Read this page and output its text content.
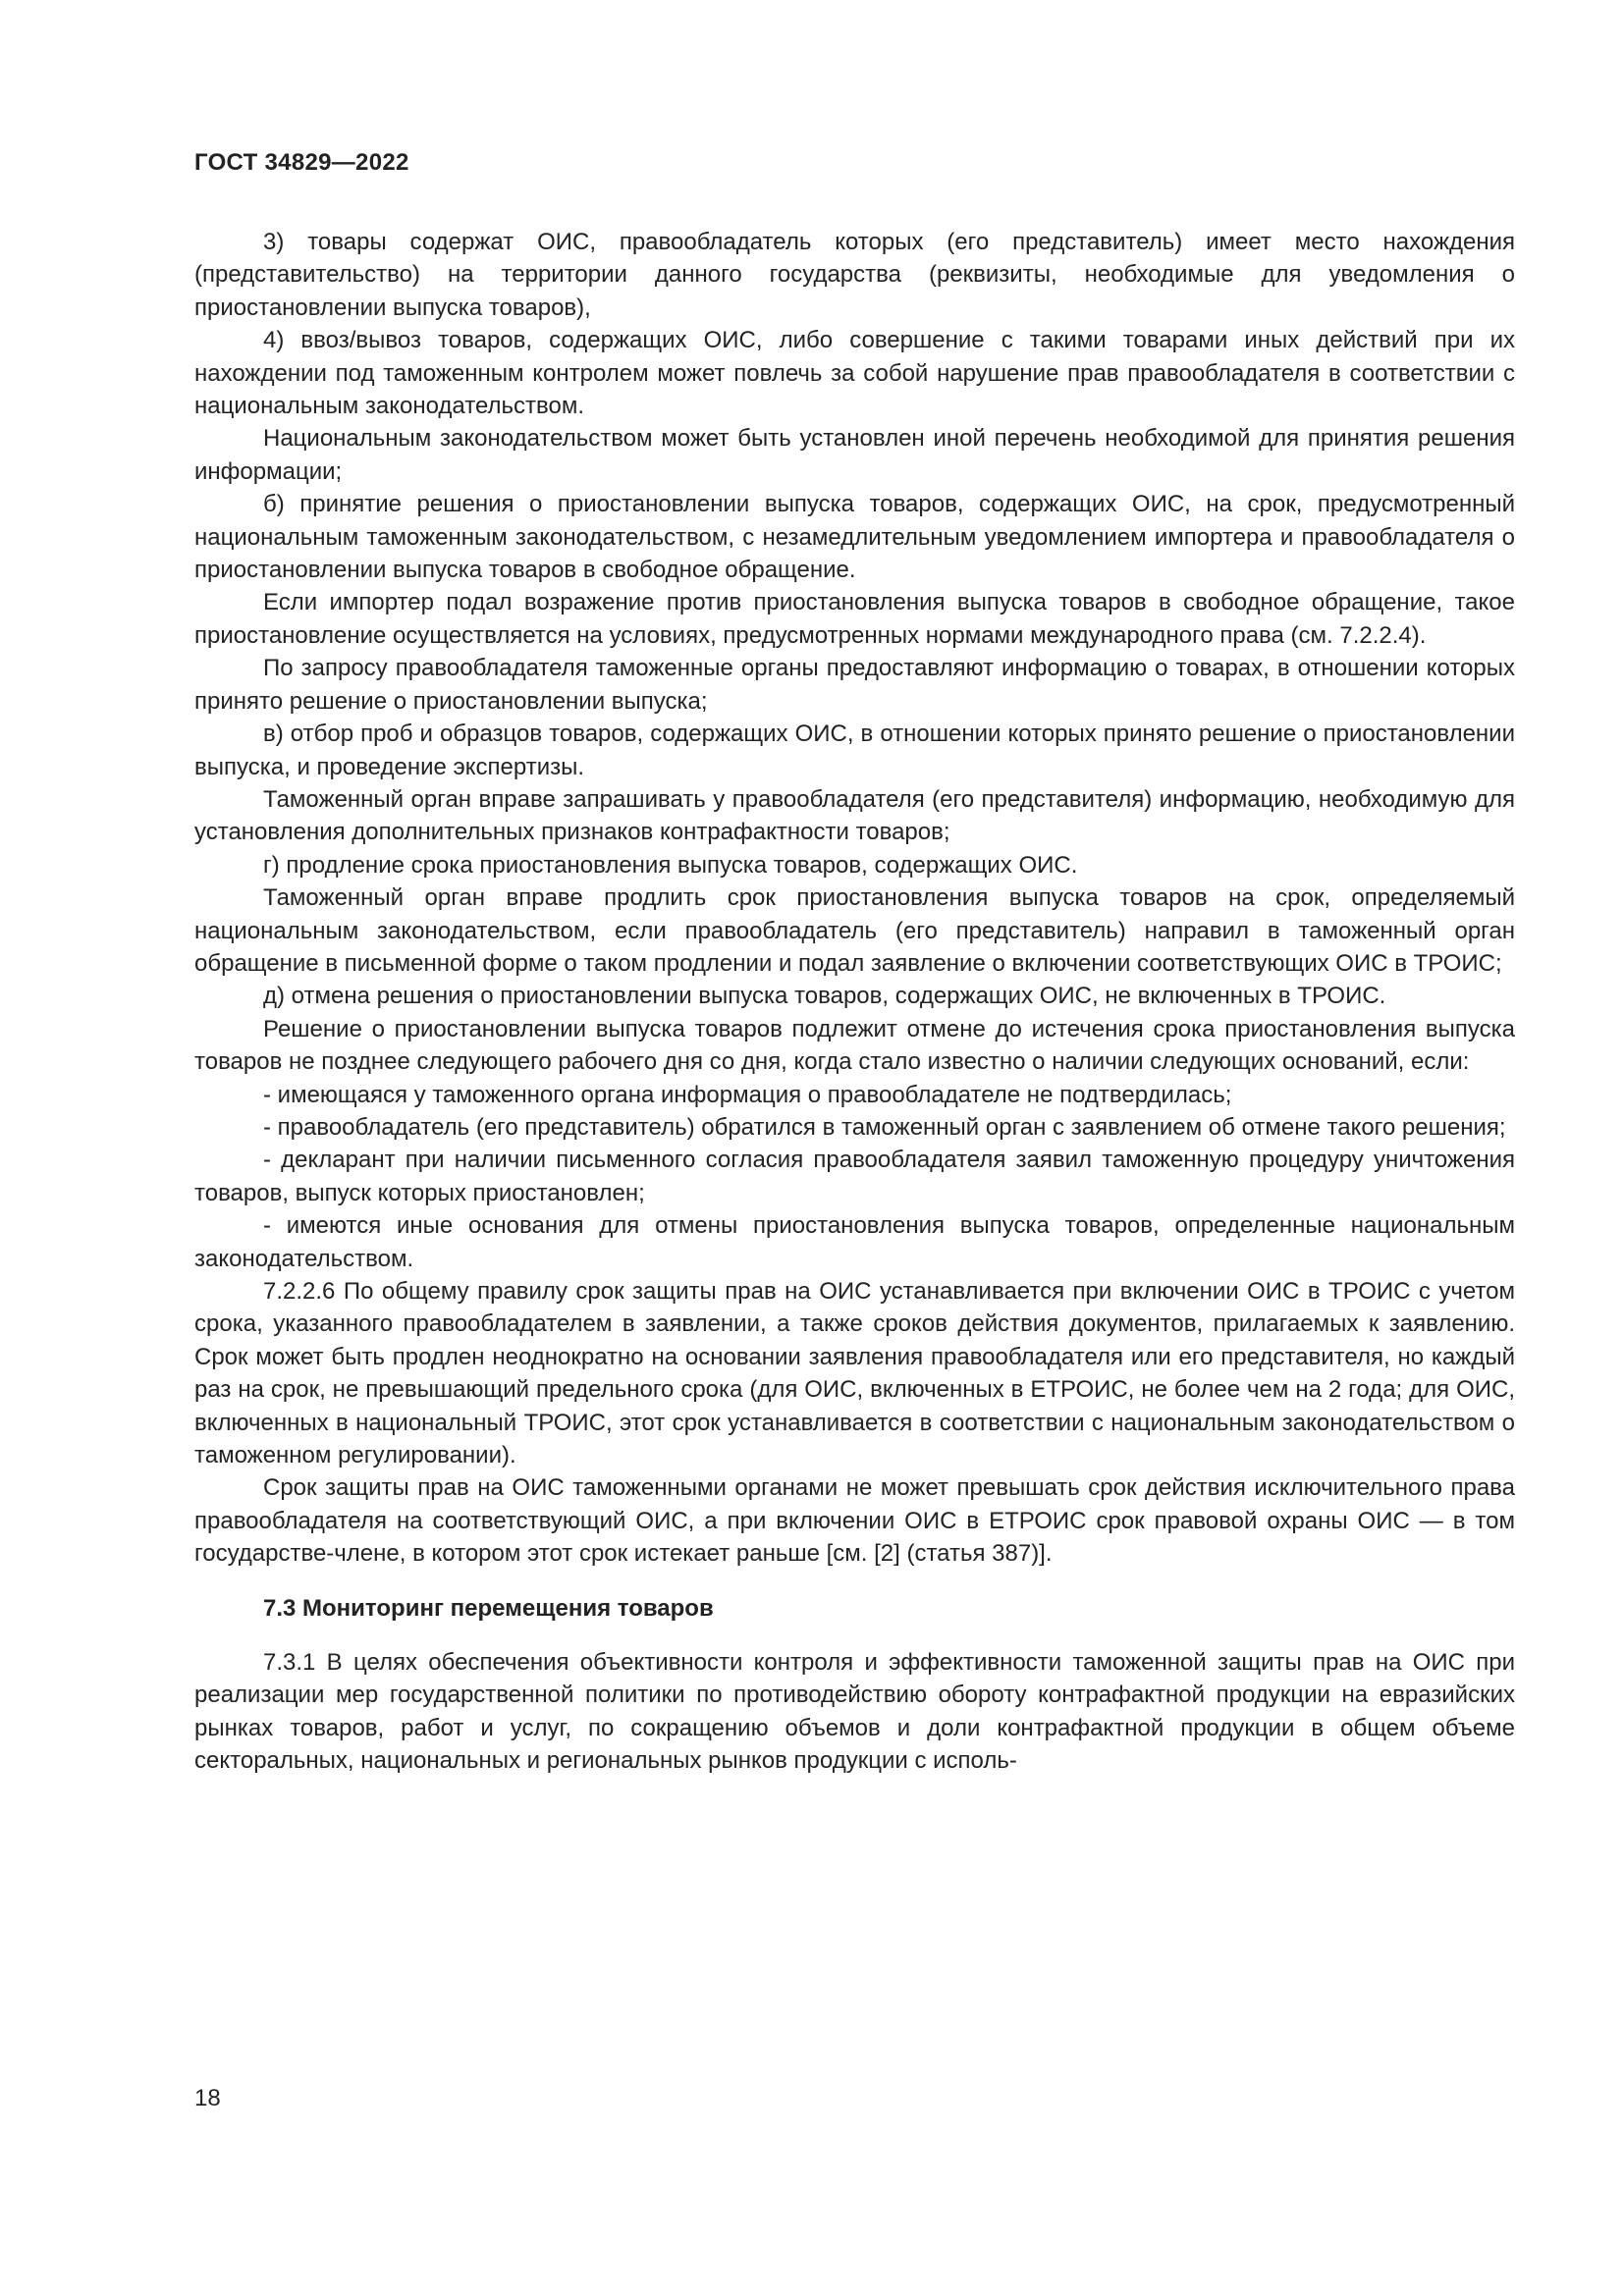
ГОСТ 34829—2022

3) товары содержат ОИС, правообладатель которых (его представитель) имеет место нахождения (представительство) на территории данного государства (реквизиты, необходимые для уведомления о приостановлении выпуска товаров),

4) ввоз/вывоз товаров, содержащих ОИС, либо совершение с такими товарами иных действий при их нахождении под таможенным контролем может повлечь за собой нарушение прав правообладателя в соответствии с национальным законодательством.

Национальным законодательством может быть установлен иной перечень необходимой для принятия решения информации;

б) принятие решения о приостановлении выпуска товаров, содержащих ОИС, на срок, предусмотренный национальным таможенным законодательством, с незамедлительным уведомлением импортера и правообладателя о приостановлении выпуска товаров в свободное обращение.

Если импортер подал возражение против приостановления выпуска товаров в свободное обращение, такое приостановление осуществляется на условиях, предусмотренных нормами международного права (см. 7.2.2.4).

По запросу правообладателя таможенные органы предоставляют информацию о товарах, в отношении которых принято решение о приостановлении выпуска;

в) отбор проб и образцов товаров, содержащих ОИС, в отношении которых принято решение о приостановлении выпуска, и проведение экспертизы.

Таможенный орган вправе запрашивать у правообладателя (его представителя) информацию, необходимую для установления дополнительных признаков контрафактности товаров;

г) продление срока приостановления выпуска товаров, содержащих ОИС.

Таможенный орган вправе продлить срок приостановления выпуска товаров на срок, определяемый национальным законодательством, если правообладатель (его представитель) направил в таможенный орган обращение в письменной форме о таком продлении и подал заявление о включении соответствующих ОИС в ТРОИС;

д) отмена решения о приостановлении выпуска товаров, содержащих ОИС, не включенных в ТРОИС.

Решение о приостановлении выпуска товаров подлежит отмене до истечения срока приостановления выпуска товаров не позднее следующего рабочего дня со дня, когда стало известно о наличии следующих оснований, если:

- имеющаяся у таможенного органа информация о правообладателе не подтвердилась;

- правообладатель (его представитель) обратился в таможенный орган с заявлением об отмене такого решения;

- декларант при наличии письменного согласия правообладателя заявил таможенную процедуру уничтожения товаров, выпуск которых приостановлен;

- имеются иные основания для отмены приостановления выпуска товаров, определенные национальным законодательством.

7.2.2.6 По общему правилу срок защиты прав на ОИС устанавливается при включении ОИС в ТРОИС с учетом срока, указанного правообладателем в заявлении, а также сроков действия документов, прилагаемых к заявлению. Срок может быть продлен неоднократно на основании заявления правообладателя или его представителя, но каждый раз на срок, не превышающий предельного срока (для ОИС, включенных в ЕТРОИС, не более чем на 2 года; для ОИС, включенных в национальный ТРОИС, этот срок устанавливается в соответствии с национальным законодательством о таможенном регулировании).

Срок защиты прав на ОИС таможенными органами не может превышать срок действия исключительного права правообладателя на соответствующий ОИС, а при включении ОИС в ЕТРОИС срок правовой охраны ОИС — в том государстве-члене, в котором этот срок истекает раньше [см. [2] (статья 387)].

7.3 Мониторинг перемещения товаров

7.3.1 В целях обеспечения объективности контроля и эффективности таможенной защиты прав на ОИС при реализации мер государственной политики по противодействию обороту контрафактной продукции на евразийских рынках товаров, работ и услуг, по сокращению объемов и доли контрафактной продукции в общем объеме секторальных, национальных и региональных рынков продукции с исполь-

18
